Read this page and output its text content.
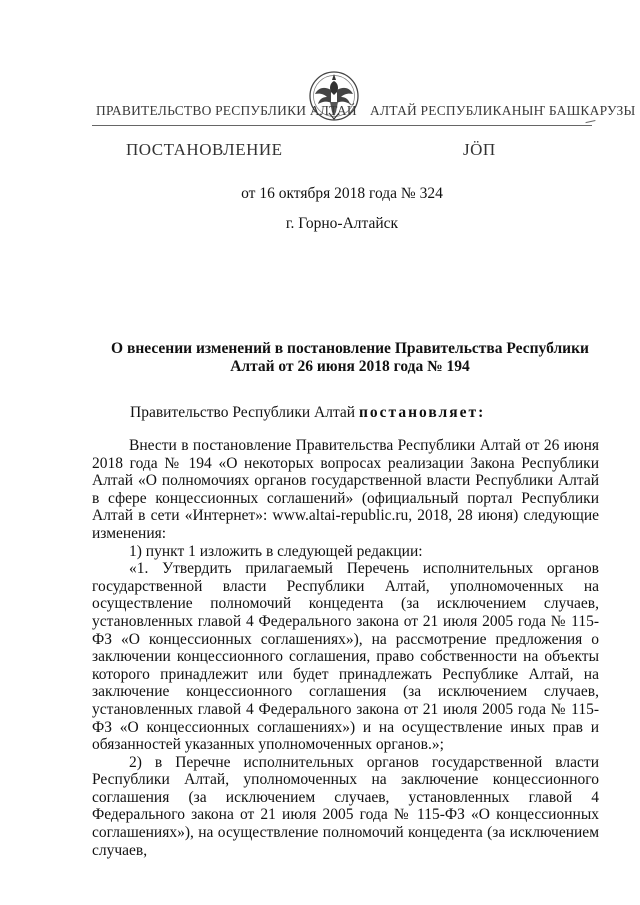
ПРАВИТЕЛЬСТВО РЕСПУБЛИКИ АЛТАЙ АЛТАЙ РЕСПУБЛИКАНЫҤ БАШКАРУЗЫ
ПОСТАНОВЛЕНИЕ	ЈӦП
от 16 октября 2018 года № 324
г. Горно-Алтайск
О внесении изменений в постановление Правительства Республики Алтай от 26 июня 2018 года № 194
Правительство Республики Алтай постановляет:

Внести в постановление Правительства Республики Алтай от 26 июня 2018 года № 194 «О некоторых вопросах реализации Закона Республики Алтай «О полномочиях органов государственной власти Республики Алтай в сфере концессионных соглашений» (официальный портал Республики Алтай в сети «Интернет»: www.altai-republic.ru, 2018, 28 июня) следующие изменения:

1) пункт 1 изложить в следующей редакции:

«1. Утвердить прилагаемый Перечень исполнительных органов государственной власти Республики Алтай, уполномоченных на осуществление полномочий концедента (за исключением случаев, установленных главой 4 Федерального закона от 21 июля 2005 года № 115-ФЗ «О концессионных соглашениях»), на рассмотрение предложения о заключении концессионного соглашения, право собственности на объекты которого принадлежит или будет принадлежать Республике Алтай, на заключение концессионного соглашения (за исключением случаев, установленных главой 4 Федерального закона от 21 июля 2005 года № 115-ФЗ «О концессионных соглашениях») и на осуществление иных прав и обязанностей указанных уполномоченных органов.»;

2) в Перечне исполнительных органов государственной власти Республики Алтай, уполномоченных на заключение концессионного соглашения (за исключением случаев, установленных главой 4 Федерального закона от 21 июля 2005 года № 115-ФЗ «О концессионных соглашениях»), на осуществление полномочий концедента (за исключением случаев,
